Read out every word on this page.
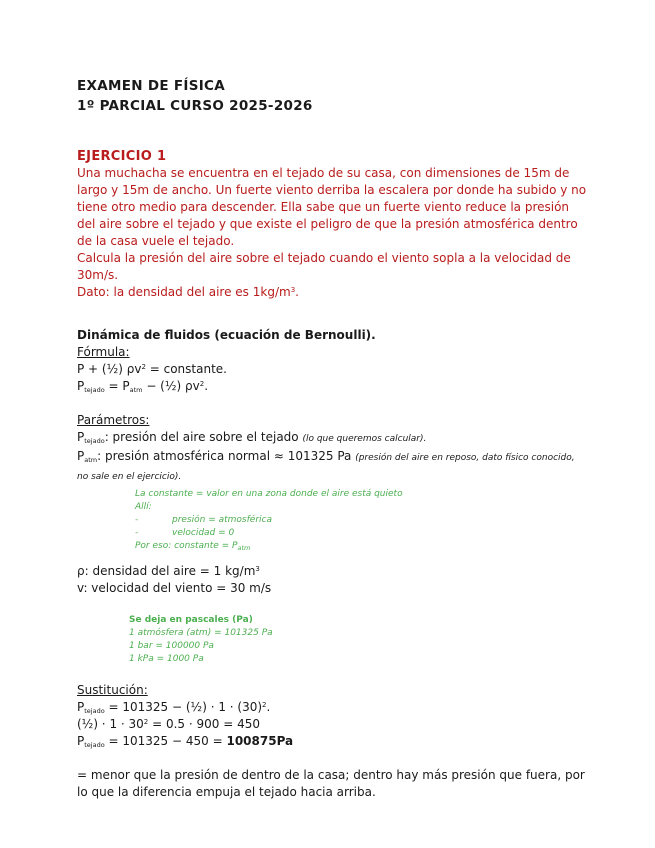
EXAMEN DE FÍSICA

1º PARCIAL CURSO 2025-2026

EJERCICIO 1

Una muchacha se encuentra en el tejado de su casa, con dimensiones de 15m de largo y 15m de ancho. Un fuerte viento derriba la escalera por donde ha subido y no tiene otro medio para descender. Ella sabe que un fuerte viento reduce la presión del aire sobre el tejado y que existe el peligro de que la presión atmosférica dentro de la casa vuele el tejado.

Calcula la presión del aire sobre el tejado cuando el viento sopla a la velocidad de 30m/s.

Dato: la densidad del aire es $1kg/m^3$.

Dinámica de fluidos (ecuación de Bernoulli).

Fórmula:

P + (½) $\rho v^2$ = constante.

$P_{tejado} = P_{atm}$ − (½) $\rho v^2$.

Parámetros:

$P_{tejado}$: presión del aire sobre el tejado (lo que queremos calcular).

$P_{atm}$: presión atmosférica normal ≈ 101325 Pa (presión del aire en reposo, dato físico conocido, no sale en el ejercicio).

La constante = valor en una zona donde el aire está quieto
Allí:
-	presión = atmosférica
-	velocidad = 0
Por eso: constante = $P_{atm}$

ρ: densidad del aire = 1 $kg/m^3$

v: velocidad del viento = 30 m/s

Se deja en pascales (Pa)
1 atmósfera (atm) = 101325 Pa
1 bar = 100000 Pa
1 kPa = 1000 Pa

Sustitución:

$P_{tejado} = 101325$ − (½) · $1 \cdot (30)^2$.

(½) · $1 \cdot 30^2 = 0.5 \cdot 900 = 450$

$P_{tejado} = 101325 - 450 = 100875Pa$

= menor que la presión de dentro de la casa; dentro hay más presión que fuera, por lo que la diferencia empuja el tejado hacia arriba.
